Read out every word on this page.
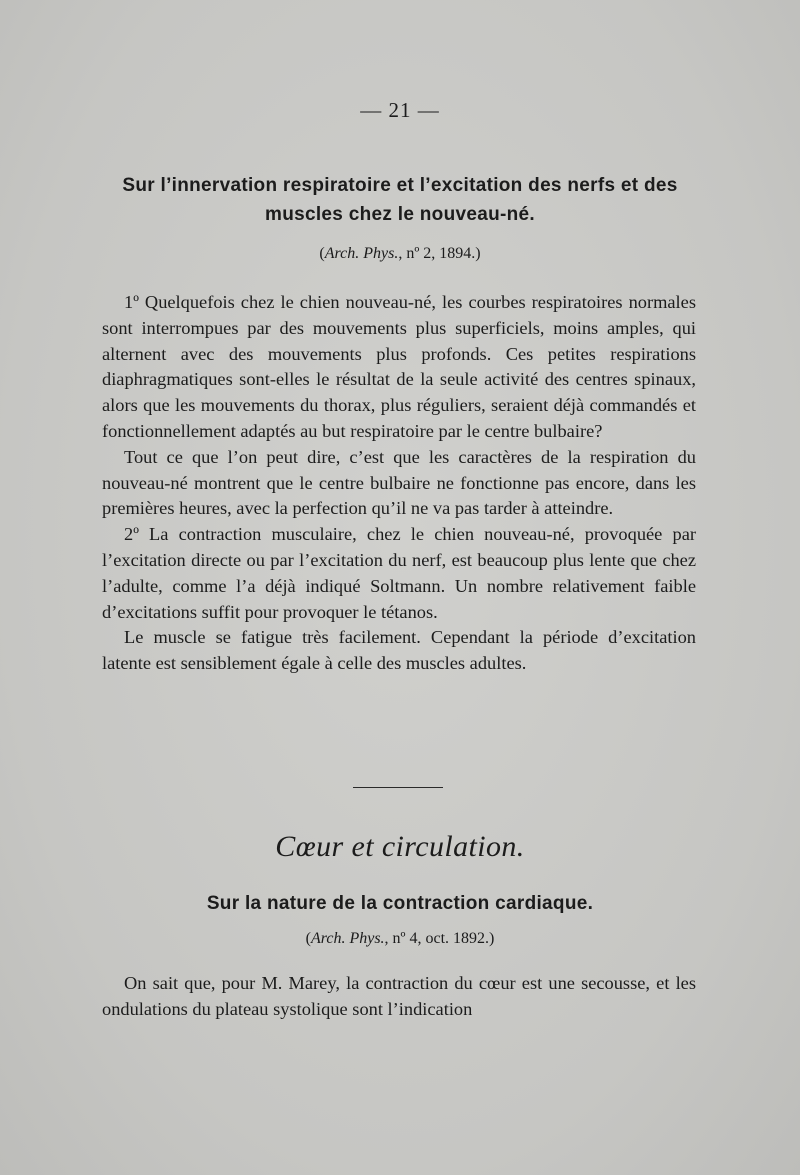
— 21 —
Sur l’innervation respiratoire et l’excitation des nerfs et des muscles chez le nouveau-né.
(Arch. Phys., nº 2, 1894.)

1º Quelquefois chez le chien nouveau-né, les courbes respiratoires normales sont interrompues par des mouvements plus superficiels, moins amples, qui alternent avec des mouvements plus profonds. Ces petites respirations diaphragmatiques sont-elles le résultat de la seule activité des centres spinaux, alors que les mouvements du thorax, plus réguliers, seraient déjà commandés et fonctionnellement adaptés au but respiratoire par le centre bulbaire?

Tout ce que l’on peut dire, c’est que les caractères de la respiration du nouveau-né montrent que le centre bulbaire ne fonctionne pas encore, dans les premières heures, avec la perfection qu’il ne va pas tarder à atteindre.

2º La contraction musculaire, chez le chien nouveau-né, provoquée par l’excitation directe ou par l’excitation du nerf, est beaucoup plus lente que chez l’adulte, comme l’a déjà indiqué Soltmann. Un nombre relativement faible d’excitations suffit pour provoquer le tétanos.

Le muscle se fatigue très facilement. Cependant la période d’excitation latente est sensiblement égale à celle des muscles adultes.

Cœur et circulation.
Sur la nature de la contraction cardiaque.
(Arch. Phys., nº 4, oct. 1892.)

On sait que, pour M. Marey, la contraction du cœur est une secousse, et les ondulations du plateau systolique sont l’indication
